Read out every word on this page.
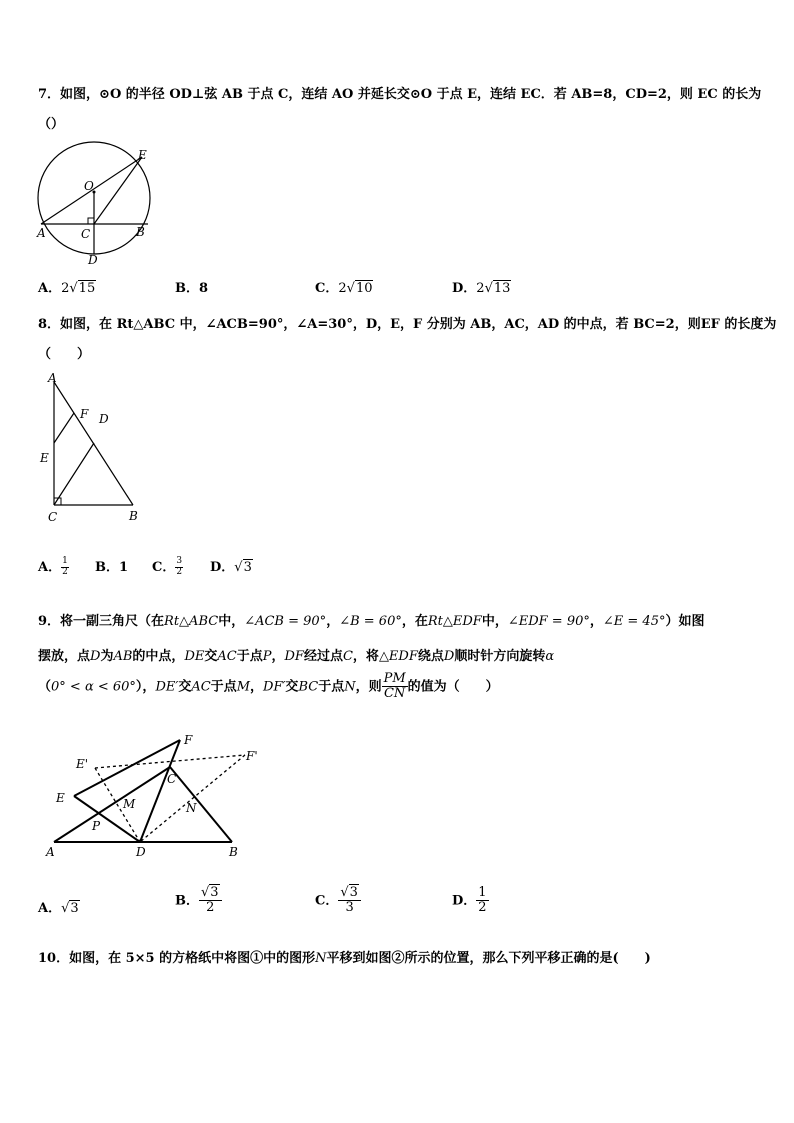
7．如图，⊙O 的半径 OD⊥弦 AB 于点 C，连结 AO 并延长交⊙O 于点 E，连结 EC．若 AB=8，CD=2，则 EC 的长为
（）
E
O
A	C	B
D
A．2√15	B．8	C．2√10	D．2√13
8．如图，在 Rt△ABC 中，∠ACB=90°，∠A=30°，D，E，F 分别为 AB，AC，AD 的中点，若 BC=2，则EF 的长度为
（　　）
A
F D
E
C	B
A． $\frac{1}{2}$ B．1 C． $\frac{3}{2}$ D．√3
9．将一副三角尺（在Rt△ABC中，∠ACB = 90°，∠B = 60°，在Rt△EDF中，∠EDF = 90°，∠E = 45°）如图
摆放，点D为AB的中点，DE交AC于点P，DF经过点C，将△EDF绕点D顺时针方向旋转α
（0° < α < 60°），DE′交AC于点M，DF′交BC于点N，则 $\frac{PM}{CN}$ 的值为（　　）
F
E'
F'
C
E	M	N
P
A	D	B
A．√3
B． $\frac{√3}{2}$	C． $\frac{√3}{3}$	D． $\frac{1}{2}$
10．如图，在 5×5 的方格纸中将图①中的图形N平移到如图②所示的位置，那么下列平移正确的是(　　)
